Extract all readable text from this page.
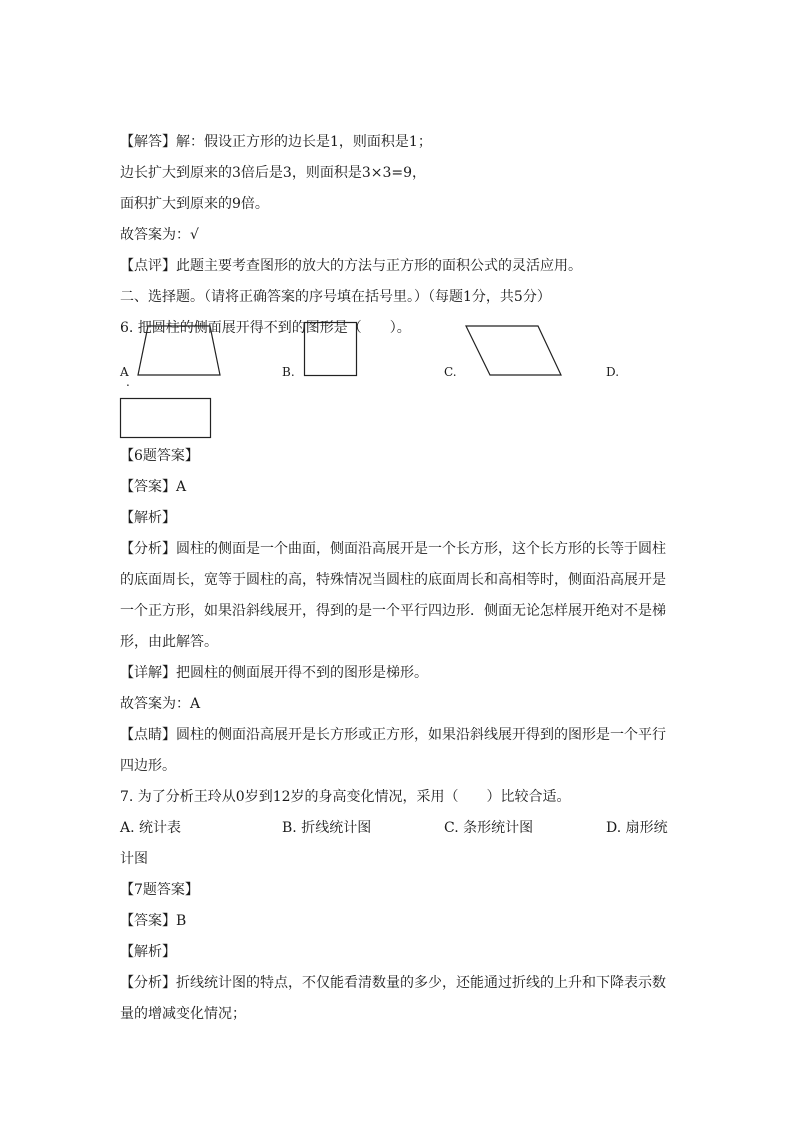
【解答】解：假设正方形的边长是1，则面积是1；
边长扩大到原来的3倍后是3，则面积是3×3=9，
面积扩大到原来的9倍。
故答案为：√
【点评】此题主要考查图形的放大的方法与正方形的面积公式的灵活应用。
二、选择题。（请将正确答案的序号填在括号里。）（每题1分，共5分）
6. 把圆柱的侧面展开得不到的图形是（　　）。
A
.
B.	C.	D.
【6题答案】
【答案】A
【解析】
【分析】圆柱的侧面是一个曲面，侧面沿高展开是一个长方形，这个长方形的长等于圆柱
的底面周长，宽等于圆柱的高，特殊情况当圆柱的底面周长和高相等时，侧面沿高展开是
一个正方形，如果沿斜线展开，得到的是一个平行四边形．侧面无论怎样展开绝对不是梯
形，由此解答。
【详解】把圆柱的侧面展开得不到的图形是梯形。
故答案为：A
【点睛】圆柱的侧面沿高展开是长方形或正方形，如果沿斜线展开得到的图形是一个平行
四边形。
7. 为了分析王玲从0岁到12岁的身高变化情况，采用（　　）比较合适。
A. 统计表	B. 折线统计图	C. 条形统计图	D. 扇形统
计图
【7题答案】
【答案】B
【解析】
【分析】折线统计图的特点，不仅能看清数量的多少，还能通过折线的上升和下降表示数
量的增减变化情况；
